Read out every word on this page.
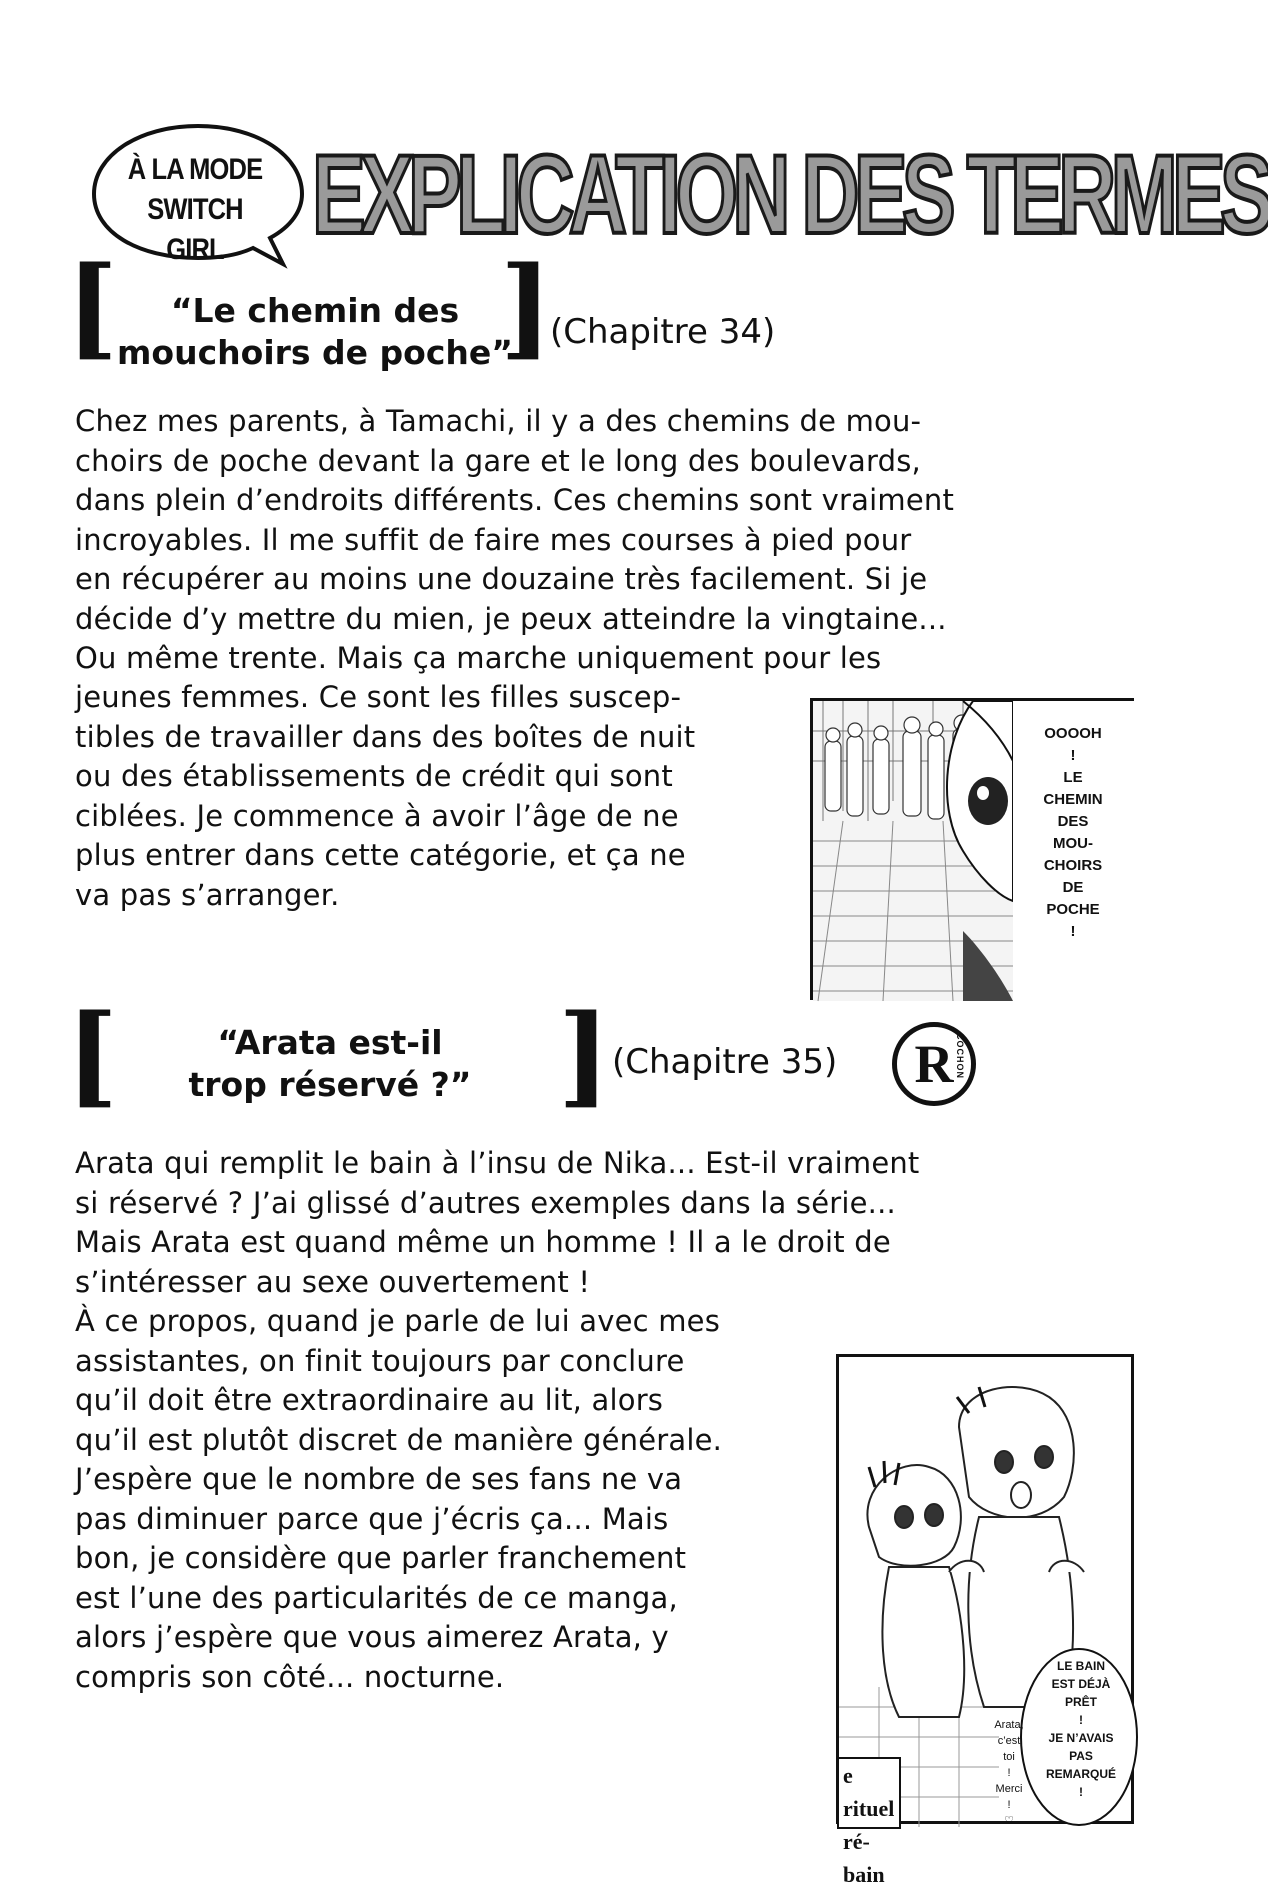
À LA MODE
SWITCH GIRL EXPLICATION DES TERMES
[	“Le chemin des
mouchoirs de poche”
]
(Chapitre 34)
Chez mes parents, à Tamachi, il y a des chemins de mou-
choirs de poche devant la gare et le long des boulevards,
dans plein d’endroits différents. Ces chemins sont vraiment
incroyables. Il me suffit de faire mes courses à pied pour
en récupérer au moins une douzaine très facilement. Si je
décide d’y mettre du mien, je peux atteindre la vingtaine...
Ou même trente. Mais ça marche uniquement pour les
jeunes femmes. Ce sont les filles suscep-
tibles de travailler dans des boîtes de nuit
ou des établissements de crédit qui sont
ciblées. Je commence à avoir l’âge de ne
plus entrer dans cette catégorie, et ça ne
va pas s’arranger.
OOOOH
!
LE
CHEMIN
DES
MOU-
CHOIRS
DE
POCHE
!
[	“Arata est-il
trop réservé ?” ] (Chapitre 35)	R COCHON
Arata qui remplit le bain à l’insu de Nika... Est-il vraiment
si réservé ? J’ai glissé d’autres exemples dans la série...
Mais Arata est quand même un homme ! Il a le droit de
s’intéresser au sexe ouvertement !
À ce propos, quand je parle de lui avec mes
assistantes, on finit toujours par conclure
qu’il doit être extraordinaire au lit, alors
qu’il est plutôt discret de manière générale.
J’espère que le nombre de ses fans ne va
pas diminuer parce que j’écris ça... Mais
bon, je considère que parler franchement
est l’une des particularités de ce manga,
alors j’espère que vous aimerez Arata, y
compris son côté... nocturne.	LE BAIN
EST DÉJÀ
PRÊT
!
JE N’AVAIS
PAS
REMARQUÉ
!
Arata,
c’est
toi
!
Merci
!
♡
e rituel
ré-bain
